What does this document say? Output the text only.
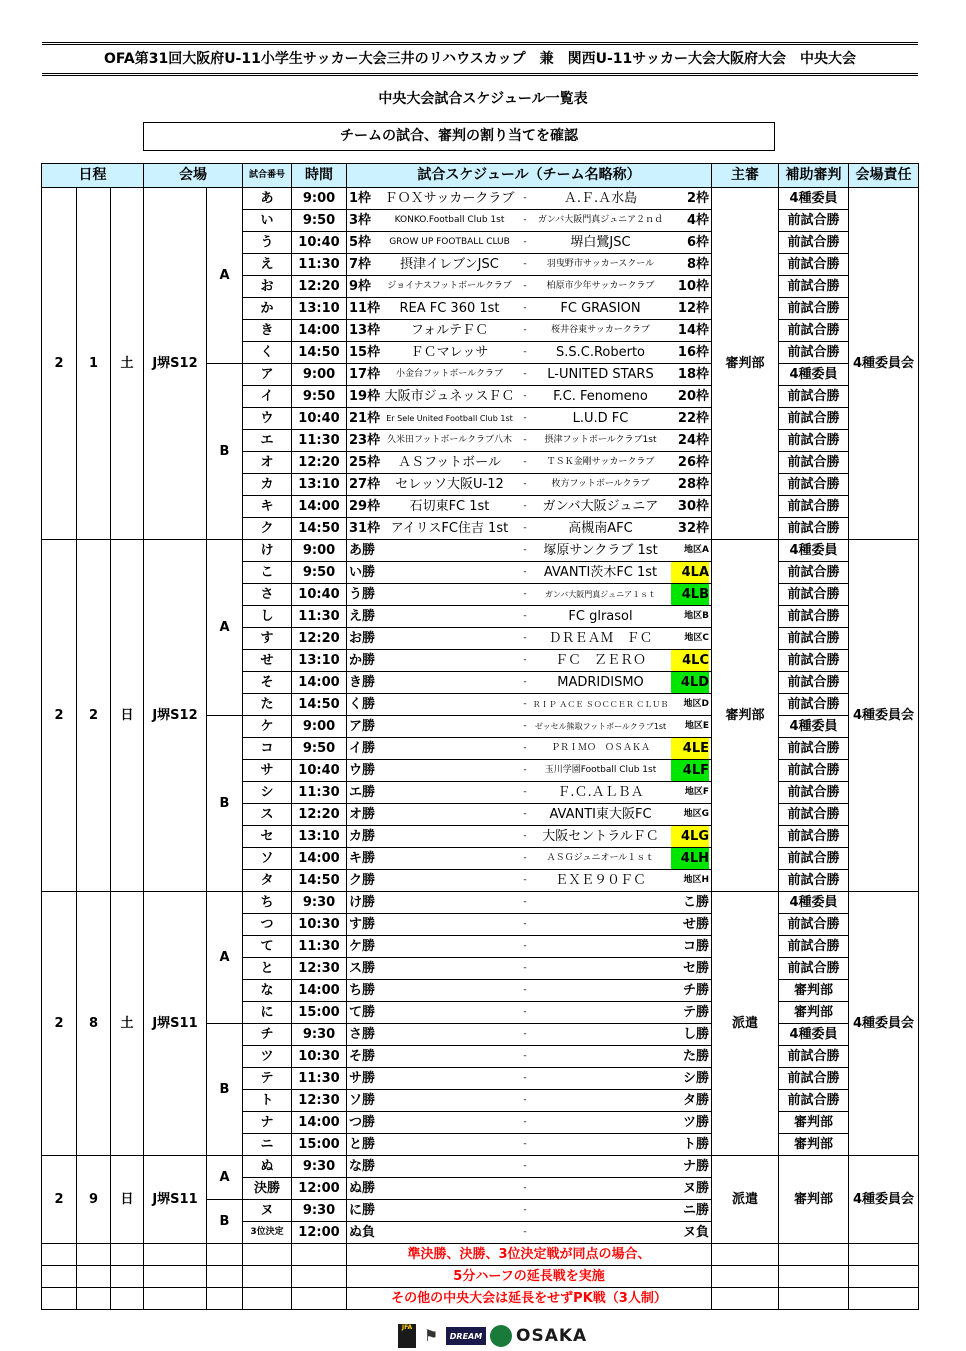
OFA第31回大阪府U-11小学生サッカー大会三井のリハウスカップ　兼　関西U-11サッカー大会大阪府大会　中央大会
中央大会試合スケジュール一覧表
チームの試合、審判の割り当てを確認
日程			会場		試合番号	時間	試合スケジュール（チーム名略称）	主審	補助審判	会場責任
2	1	土	J堺S12	A	あ	9:00	1枠 ＦＯＸサッカークラブ - Ａ.Ｆ.Ａ水島 2枠	審判部	4種委員	4種委員会
					い	9:50	3枠 KONKO.Football Club 1st - ガンバ大阪門真ジュニア２ｎｄ 4枠		前試合勝	
					う	10:40	5枠 GROW UP FOOTBALL CLUB - 堺白鷺JSC 6枠		前試合勝	
					え	11:30	7枠 摂津イレブンJSC - 羽曳野市サッカースクール 8枠		前試合勝	
					お	12:20	9枠 ジョイナスフットボールクラブ - 柏原市少年サッカークラブ 10枠		前試合勝	
					か	13:10	11枠 REA FC 360 1st - FC GRASION 12枠		前試合勝	
					き	14:00	13枠 フォルテＦＣ - 桜井谷東サッカークラブ 14枠		前試合勝	
					く	14:50	15枠 ＦＣマレッサ - S.S.C.Roberto 16枠		前試合勝	
				B	ア	9:00	17枠 小金台フットボールクラブ - L-UNITED STARS 18枠		4種委員	
					イ	9:50	19枠 大阪市ジュネッスＦＣ - F.C. Fenomeno 20枠		前試合勝	
					ウ	10:40	21枠 Er Sele United Football Club 1st - L.U.D FC 22枠		前試合勝	
					エ	11:30	23枠 久米田フットボールクラブ八木 - 摂津フットボールクラブ1st 24枠		前試合勝	
					オ	12:20	25枠 ＡＳフットボール - ＴＳＫ金剛サッカークラブ 26枠		前試合勝	
					カ	13:10	27枠 セレッソ大阪U-12 - 枚方フットボールクラブ 28枠		前試合勝	
					キ	14:00	29枠 石切東FC 1st - ガンバ大阪ジュニア 30枠		前試合勝	
					ク	14:50	31枠 アイリスFC住吉 1st - 高槻南AFC 32枠		前試合勝	
2	2	日	J堺S12	A	け	9:00	あ勝 - 塚原サンクラブ 1st 地区A	審判部	4種委員	4種委員会
					こ	9:50	い勝 - AVANTI茨木FC 1st 4LA		前試合勝	
					さ	10:40	う勝 - ガンバ大阪門真ジュニア１ｓｔ 4LB		前試合勝	
					し	11:30	え勝 - FC glrasol 地区B		前試合勝	
					す	12:20	お勝 - ＤＲＥＡＭ　ＦＣ 地区C		前試合勝	
					せ	13:10	か勝 - ＦＣ　ＺＥＲＯ 4LC		前試合勝	
					そ	14:00	き勝 - MADRIDISMO 4LD		前試合勝	
					た	14:50	く勝 - ＲＩＰ ＡＣＥ ＳＯＣＣＥＲ ＣＬＵＢ 地区D		前試合勝	
				B	ケ	9:00	ア勝 - ゼッセル熊取フットボールクラブ1st 地区E		4種委員	
					コ	9:50	イ勝 - ＰＲＩＭＯ　ＯＳＡＫＡ 4LE		前試合勝	
					サ	10:40	ウ勝 - 玉川学園Football Club 1st 4LF		前試合勝	
					シ	11:30	エ勝 - Ｆ.Ｃ.ＡＬＢＡ 地区F		前試合勝	
					ス	12:20	オ勝 - AVANTI東大阪FC 地区G		前試合勝	
					セ	13:10	カ勝 - 大阪セントラルＦＣ 4LG		前試合勝	
					ソ	14:00	キ勝 - ＡＳＧジュニオール１ｓｔ 4LH		前試合勝	
					タ	14:50	ク勝 - ＥＸＥ９０ＦＣ 地区H		前試合勝	
2	8	土	J堺S11	A	ち	9:30	け勝 - こ勝	派遣	4種委員	4種委員会
					つ	10:30	す勝 - せ勝		前試合勝	
					て	11:30	ケ勝 - コ勝		前試合勝	
					と	12:30	ス勝 - セ勝		前試合勝	
					な	14:00	ち勝 - チ勝		審判部	
					に	15:00	て勝 - テ勝		審判部	
				B	チ	9:30	さ勝 - し勝		4種委員	
					ツ	10:30	そ勝 - た勝		前試合勝	
					テ	11:30	サ勝 - シ勝		前試合勝	
					ト	12:30	ソ勝 - タ勝		前試合勝	
					ナ	14:00	つ勝 - ツ勝		審判部	
					ニ	15:00	と勝 - ト勝		審判部	
2	9	日	J堺S11	A	ぬ	9:30	な勝 - ナ勝	派遣	審判部	4種委員会
					決勝	12:00	ぬ勝 - ヌ勝			

				B	ヌ	9:30	に勝 - ニ勝			

					3位決定	12:00	ぬ負 - ヌ負			

							準決勝、決勝、3位決定戦が同点の場合、			
							5分ハーフの延長戦を実施			
							その他の中央大会は延長をせずPK戦（3人制）			
JFA ⚑	DREAM OSAKA
